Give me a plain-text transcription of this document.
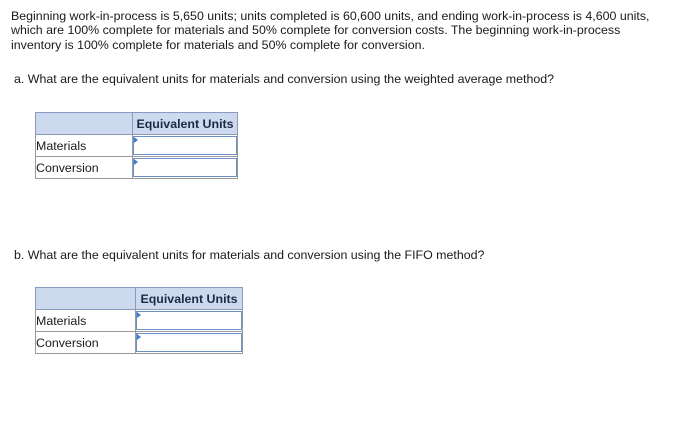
Beginning work-in-process is 5,650 units; units completed is 60,600 units, and ending work-in-process is 4,600 units, which are 100% complete for materials and 50% complete for conversion costs. The beginning work-in-process inventory is 100% complete for materials and 50% complete for conversion.

a. What are the equivalent units for materials and conversion using the weighted average method?

	Equivalent Units
Materials	

Conversion	

b. What are the equivalent units for materials and conversion using the FIFO method?

	Equivalent Units
Materials	

Conversion	
